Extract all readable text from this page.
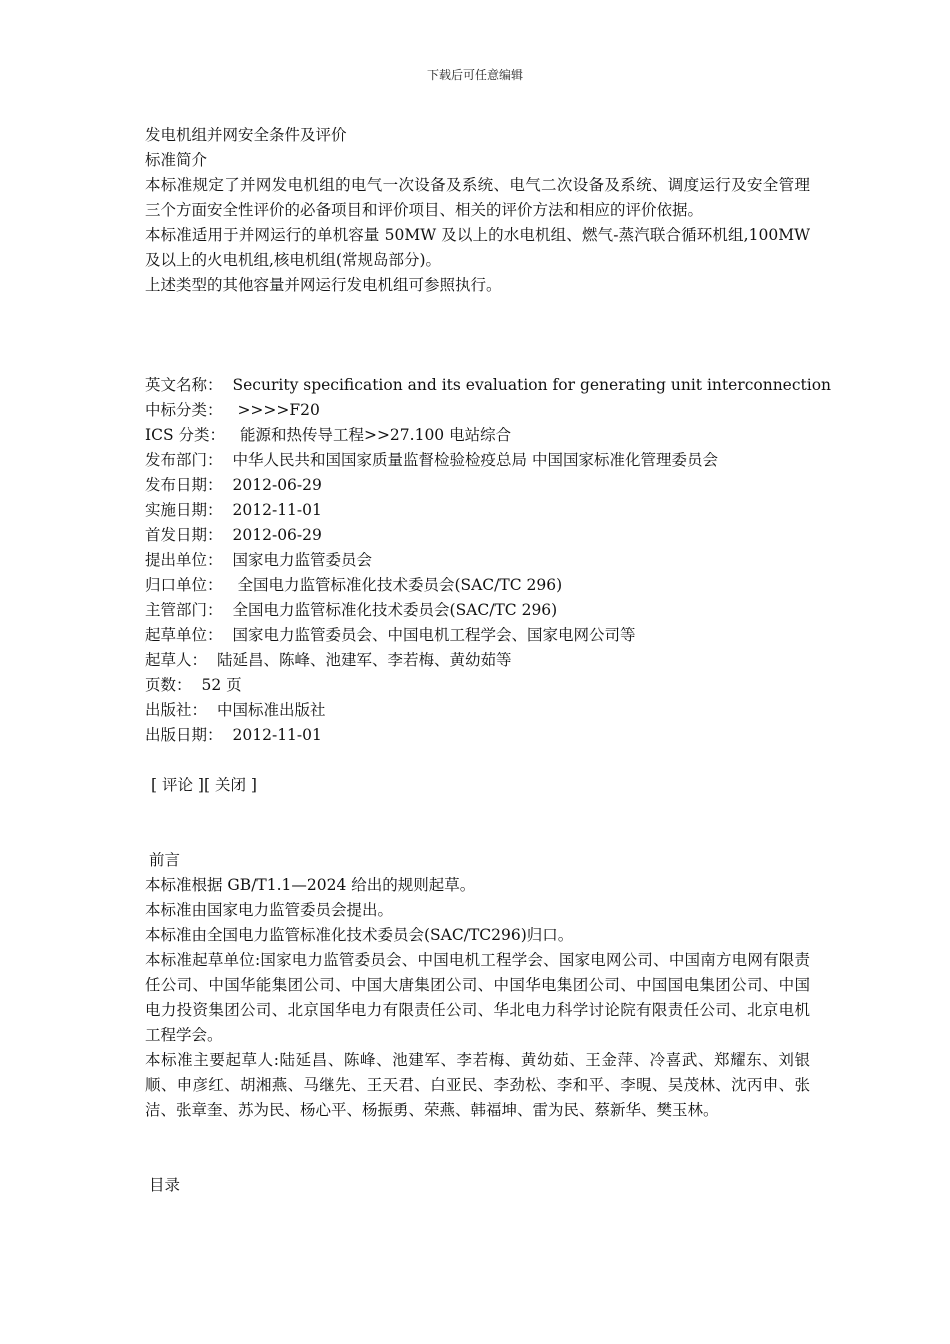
下载后可任意编辑
发电机组并网安全条件及评价
标准简介
本标准规定了并网发电机组的电气一次设备及系统、电气二次设备及系统、调度运行及安全管理三个方面安全性评价的必备项目和评价项目、相关的评价方法和相应的评价依据。
本标准适用于并网运行的单机容量 50MW 及以上的水电机组、燃气-蒸汽联合循环机组,100MW 及以上的火电机组,核电机组(常规岛部分)。
上述类型的其他容量并网运行发电机组可参照执行。
英文名称： Security specification and its evaluation for generating unit interconnection
中标分类： >>>>F20
ICS 分类： 能源和热传导工程>>27.100 电站综合
发布部门： 中华人民共和国国家质量监督检验检疫总局 中国国家标准化管理委员会
发布日期： 2012-06-29
实施日期： 2012-11-01
首发日期： 2012-06-29
提出单位： 国家电力监管委员会
归口单位： 全国电力监管标准化技术委员会(SAC/TC 296)
主管部门： 全国电力监管标准化技术委员会(SAC/TC 296)
起草单位： 国家电力监管委员会、中国电机工程学会、国家电网公司等
起草人： 陆延昌、陈峰、池建军、李若梅、黄幼茹等
页数： 52 页
出版社： 中国标准出版社
出版日期： 2012-11-01
[ 评论 ][ 关闭 ]
前言
本标准根据 GB/T1.1—2024 给出的规则起草。
本标准由国家电力监管委员会提出。
本标准由全国电力监管标准化技术委员会(SAC/TC296)归口。
本标准起草单位:国家电力监管委员会、中国电机工程学会、国家电网公司、中国南方电网有限责任公司、中国华能集团公司、中国大唐集团公司、中国华电集团公司、中国国电集团公司、中国电力投资集团公司、北京国华电力有限责任公司、华北电力科学讨论院有限责任公司、北京电机工程学会。
本标准主要起草人:陆延昌、陈峰、池建军、李若梅、黄幼茹、王金萍、冷喜武、郑耀东、刘银顺、申彦红、胡湘燕、马继先、王天君、白亚民、李劲松、李和平、李晛、吴茂林、沈丙申、张洁、张章奎、苏为民、杨心平、杨振勇、荣燕、韩福坤、雷为民、蔡新华、樊玉林。
目录
